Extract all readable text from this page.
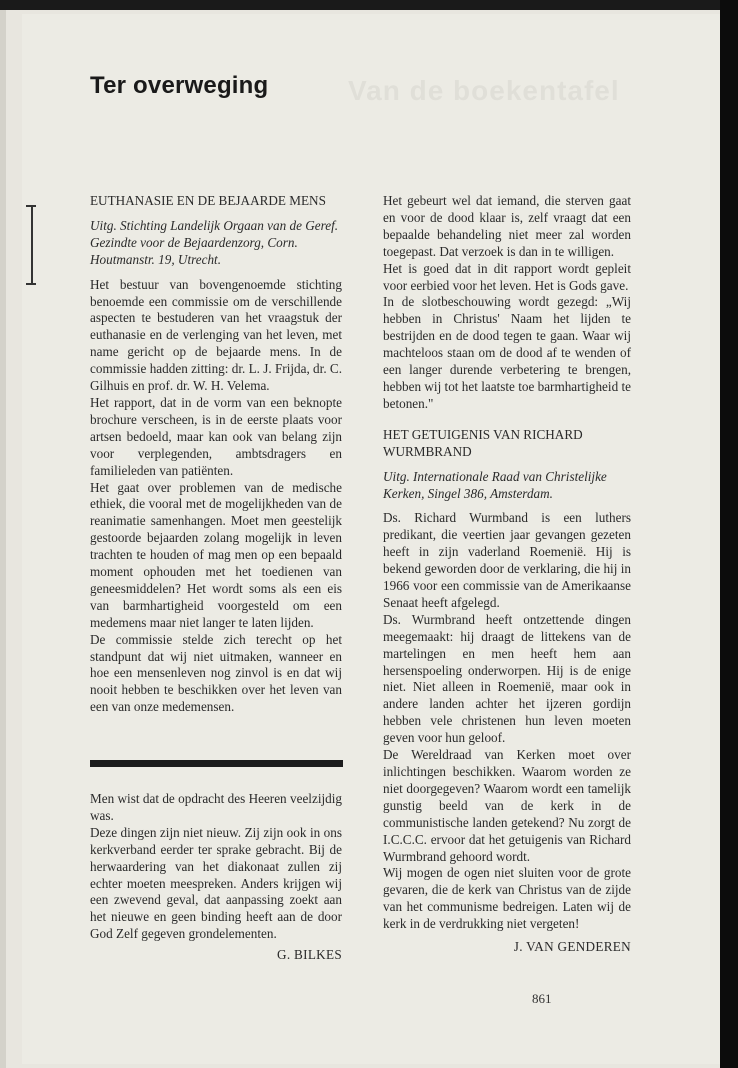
Van de boekentafel
Ter overweging

EUTHANASIE EN DE BEJAARDE MENS

Uitg. Stichting Landelijk Orgaan van de Geref. Gezindte voor de Bejaardenzorg, Corn. Houtmanstr. 19, Utrecht.

Het bestuur van bovengenoemde stichting benoemde een commissie om de verschillende aspecten te bestuderen van het vraagstuk der euthanasie en de verlenging van het leven, met name gericht op de bejaarde mens. In de commissie hadden zitting: dr. L. J. Frijda, dr. C. Gilhuis en prof. dr. W. H. Velema.

Het rapport, dat in de vorm van een beknopte brochure verscheen, is in de eerste plaats voor artsen bedoeld, maar kan ook van belang zijn voor verplegenden, ambtsdragers en familieleden van patiënten.

Het gaat over problemen van de medische ethiek, die vooral met de mogelijkheden van de reanimatie samenhangen. Moet men geestelijk gestoorde bejaarden zolang mogelijk in leven trachten te houden of mag men op een bepaald moment ophouden met het toedienen van geneesmiddelen? Het wordt soms als een eis van barmhartigheid voorgesteld om een medemens maar niet langer te laten lijden.

De commissie stelde zich terecht op het standpunt dat wij niet uitmaken, wanneer en hoe een mensenleven nog zinvol is en dat wij nooit hebben te beschikken over het leven van een van onze medemensen.

Men wist dat de opdracht des Heeren veelzijdig was.

Deze dingen zijn niet nieuw. Zij zijn ook in ons kerkverband eerder ter sprake gebracht. Bij de herwaardering van het diakonaat zullen zij echter moeten meespreken. Anders krijgen wij een zwevend geval, dat aanpassing zoekt aan het nieuwe en geen binding heeft aan de door God Zelf gegeven grondelementen.

G. BILKES

Het gebeurt wel dat iemand, die sterven gaat en voor de dood klaar is, zelf vraagt dat een bepaalde behandeling niet meer zal worden toegepast. Dat verzoek is dan in te willigen.

Het is goed dat in dit rapport wordt gepleit voor eerbied voor het leven. Het is Gods gave.

In de slotbeschouwing wordt gezegd: „Wij hebben in Christus' Naam het lijden te bestrijden en de dood tegen te gaan. Waar wij machteloos staan om de dood af te wenden of een langer durende verbetering te brengen, hebben wij tot het laatste toe barmhartigheid te betonen."

HET GETUIGENIS VAN RICHARD WURMBRAND

Uitg. Internationale Raad van Christelijke Kerken, Singel 386, Amsterdam.

Ds. Richard Wurmband is een luthers predikant, die veertien jaar gevangen gezeten heeft in zijn vaderland Roemenië. Hij is bekend geworden door de verklaring, die hij in 1966 voor een commissie van de Amerikaanse Senaat heeft afgelegd.

Ds. Wurmbrand heeft ontzettende dingen meegemaakt: hij draagt de littekens van de martelingen en men heeft hem aan hersenspoeling onderworpen. Hij is de enige niet. Niet alleen in Roemenië, maar ook in andere landen achter het ijzeren gordijn hebben vele christenen hun leven moeten geven voor hun geloof.

De Wereldraad van Kerken moet over inlichtingen beschikken. Waarom worden ze niet doorgegeven? Waarom wordt een tamelijk gunstig beeld van de kerk in de communistische landen getekend? Nu zorgt de I.C.C.C. ervoor dat het getuigenis van Richard Wurmbrand gehoord wordt.

Wij mogen de ogen niet sluiten voor de grote gevaren, die de kerk van Christus van de zijde van het communisme bedreigen. Laten wij de kerk in de verdrukking niet vergeten!

J. VAN GENDEREN

861
